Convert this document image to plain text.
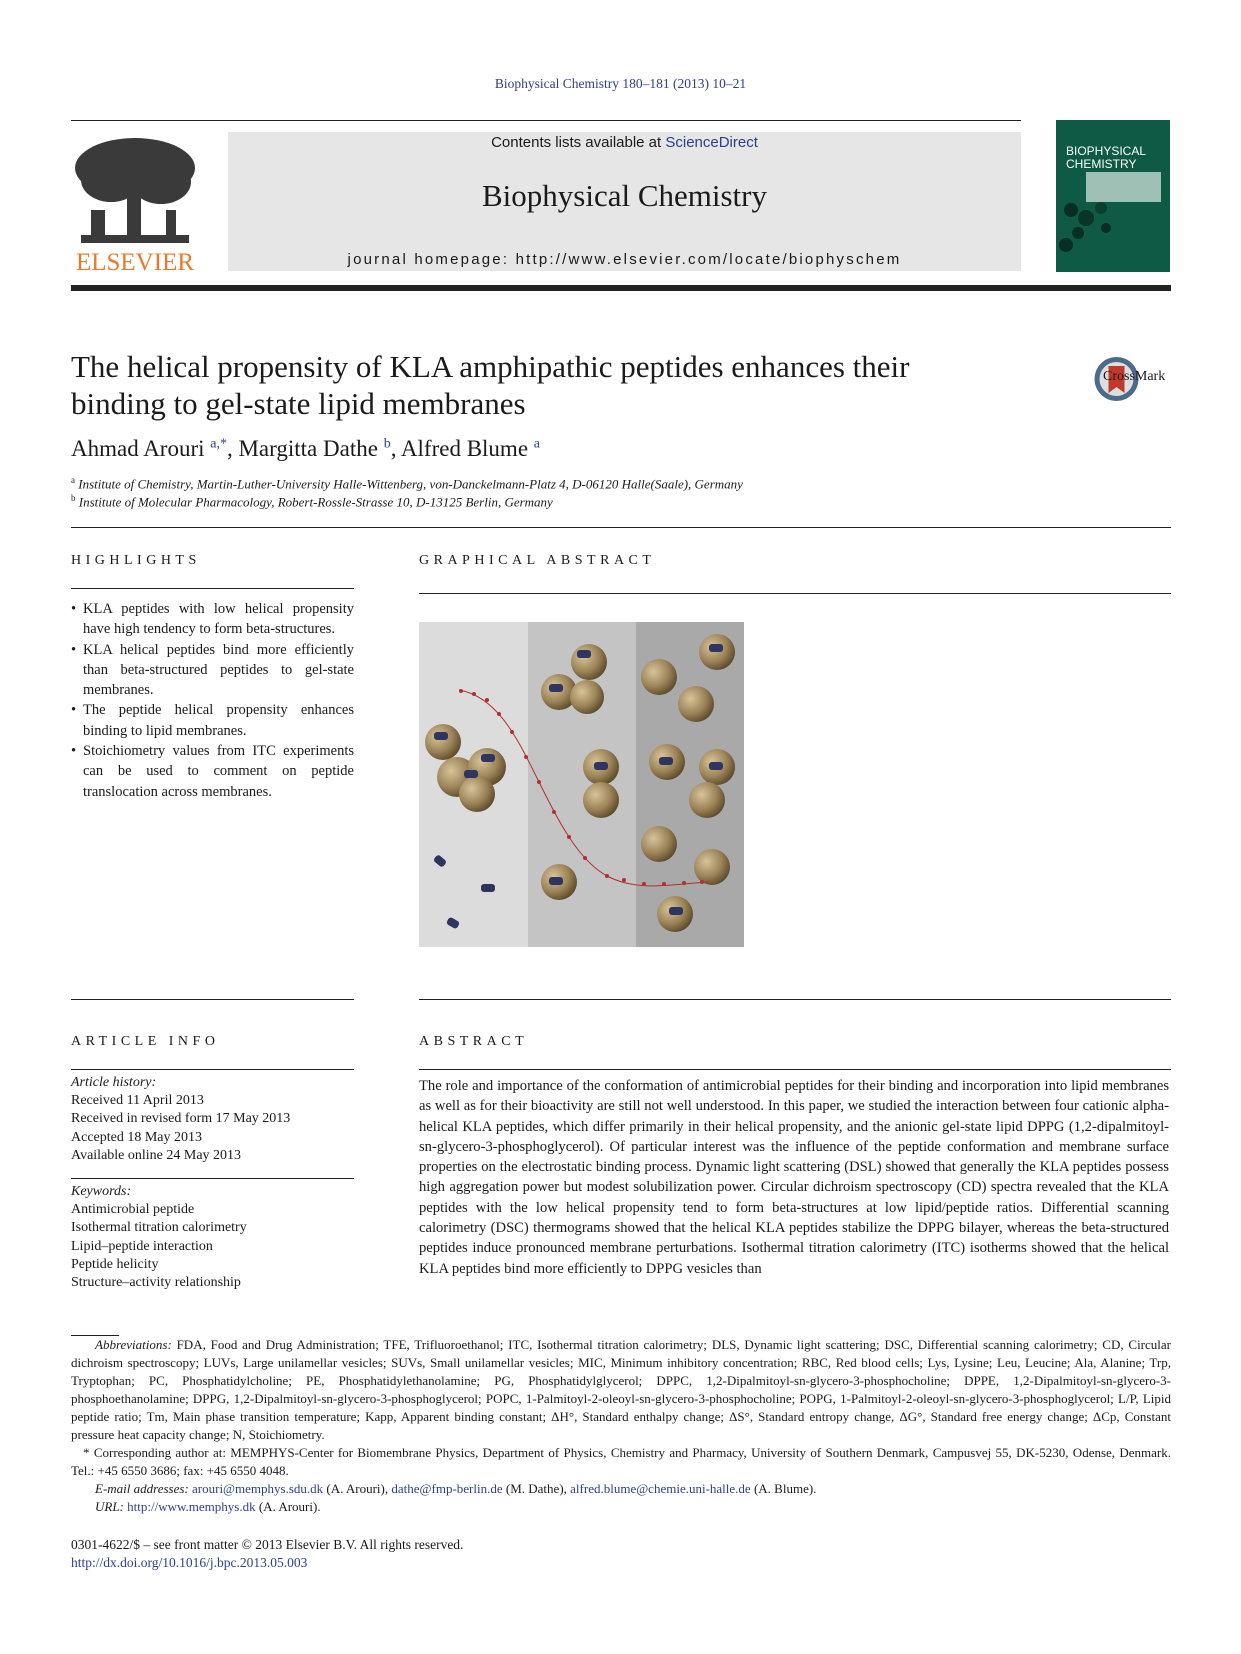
Biophysical Chemistry 180–181 (2013) 10–21
ELSEVIER
Contents lists available at ScienceDirect
Biophysical Chemistry
journal homepage: http://www.elsevier.com/locate/biophyschem
BIOPHYSICAL
CHEMISTRY
The helical propensity of KLA amphipathic peptides enhances their
binding to gel-state lipid membranes
CrossMark
Ahmad Arouri $^{a,*}$, Margitta Dathe $^b$, Alfred Blume $^a$
$^a$ Institute of Chemistry, Martin-Luther-University Halle-Wittenberg, von-Danckelmann-Platz 4, D-06120 Halle(Saale), Germany
$^b$ Institute of Molecular Pharmacology, Robert-Rossle-Strasse 10, D-13125 Berlin, Germany
HIGHLIGHTS
• KLA peptides with low helical propensity have high tendency to form beta-structures.
• KLA helical peptides bind more efficiently than beta-structured peptides to gel-state membranes.
• The peptide helical propensity enhances binding to lipid membranes.
• Stoichiometry values from ITC experiments can be used to comment on peptide translocation across membranes.
GRAPHICAL ABSTRACT
ARTICLE INFO
Article history:
Received 11 April 2013
Received in revised form 17 May 2013
Accepted 18 May 2013
Available online 24 May 2013
Keywords:
Antimicrobial peptide
Isothermal titration calorimetry
Lipid–peptide interaction
Peptide helicity
Structure–activity relationship
ABSTRACT
The role and importance of the conformation of antimicrobial peptides for their binding and incorporation into lipid membranes as well as for their bioactivity are still not well understood. In this paper, we studied the interaction between four cationic alpha-helical KLA peptides, which differ primarily in their helical propensity, and the anionic gel-state lipid DPPG (1,2-dipalmitoyl-sn-glycero-3-phosphoglycerol). Of particular interest was the influence of the peptide conformation and membrane surface properties on the electrostatic binding process. Dynamic light scattering (DSL) showed that generally the KLA peptides possess high aggregation power but modest solubilization power. Circular dichroism spectroscopy (CD) spectra revealed that the KLA peptides with the low helical propensity tend to form beta-structures at low lipid/peptide ratios. Differential scanning calorimetry (DSC) thermograms showed that the helical KLA peptides stabilize the DPPG bilayer, whereas the beta-structured peptides induce pronounced membrane perturbations. Isothermal titration calorimetry (ITC) isotherms showed that the helical KLA peptides bind more efficiently to DPPG vesicles than
Abbreviations: FDA, Food and Drug Administration; TFE, Trifluoroethanol; ITC, Isothermal titration calorimetry; DLS, Dynamic light scattering; DSC, Differential scanning calorimetry; CD, Circular dichroism spectroscopy; LUVs, Large unilamellar vesicles; SUVs, Small unilamellar vesicles; MIC, Minimum inhibitory concentration; RBC, Red blood cells; Lys, Lysine; Leu, Leucine; Ala, Alanine; Trp, Tryptophan; PC, Phosphatidylcholine; PE, Phosphatidylethanolamine; PG, Phosphatidylglycerol; DPPC, 1,2-Dipalmitoyl-sn-glycero-3-phosphocholine; DPPE, 1,2-Dipalmitoyl-sn-glycero-3-phosphoethanolamine; DPPG, 1,2-Dipalmitoyl-sn-glycero-3-phosphoglycerol; POPC, 1-Palmitoyl-2-oleoyl-sn-glycero-3-phosphocholine; POPG, 1-Palmitoyl-2-oleoyl-sn-glycero-3-phosphoglycerol; L/P, Lipid peptide ratio; Tm, Main phase transition temperature; Kapp, Apparent binding constant; ΔH°, Standard enthalpy change; ΔS°, Standard entropy change, ΔG°, Standard free energy change; ΔCp, Constant pressure heat capacity change; N, Stoichiometry.
* Corresponding author at: MEMPHYS-Center for Biomembrane Physics, Department of Physics, Chemistry and Pharmacy, University of Southern Denmark, Campusvej 55, DK-5230, Odense, Denmark. Tel.: +45 6550 3686; fax: +45 6550 4048.
E-mail addresses: arouri@memphys.sdu.dk (A. Arouri), dathe@fmp-berlin.de (M. Dathe), alfred.blume@chemie.uni-halle.de (A. Blume).
URL: http://www.memphys.dk (A. Arouri).
0301-4622/$ – see front matter © 2013 Elsevier B.V. All rights reserved.
http://dx.doi.org/10.1016/j.bpc.2013.05.003
